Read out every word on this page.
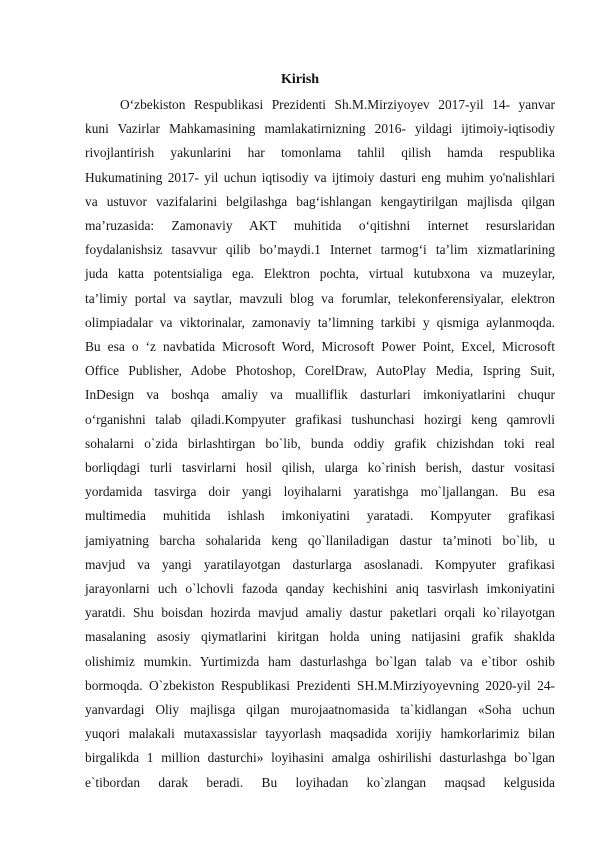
Kirish
O‘zbekiston Respublikasi Prezidenti Sh.M.Mirziyoyev 2017-yil 14- yanvar
kuni Vazirlar Mahkamasining mamlakatirnizning 2016- yildagi ijtimoiy-iqtisodiy
rivojlantirish yakunlarini har tomonlama tahlil qilish hamda respublika
Hukumatining 2017- yil uchun iqtisodiy va ijtimoiy dasturi eng muhim yo'nalishlari
va ustuvor vazifalarini belgilashga bag‘ishlangan kengaytirilgan majlisda qilgan
ma’ruzasida: Zamonaviy AKT muhitida o‘qitishni internet resurslaridan
foydalanishsiz tasavvur qilib bo’maydi.1 Internet tarmog‘i ta’lim xizmatlarining
juda katta potentsialiga ega. Elektron pochta, virtual kutubxona va muzeylar,
ta’limiy portal va saytlar, mavzuli blog va forumlar, telekonferensiyalar, elektron
olimpiadalar va viktorinalar, zamonaviy ta’limning tarkibi y qismiga aylanmoqda.
Bu esa o ‘z navbatida Microsoft Word, Microsoft Power Point, Excel, Microsoft
Office Publisher, Adobe Photoshop, CorelDraw, AutoPlay Media, Ispring Suit,
InDesign va boshqa amaliy va mualliflik dasturlari imkoniyatlarini chuqur
o‘rganishni talab qiladi.Kompyuter grafikasi tushunchasi hozirgi keng qamrovli
sohalarni o`zida birlashtirgan bo`lib, bunda oddiy grafik chizishdan toki real
borliqdagi turli tasvirlarni hosil qilish, ularga ko`rinish berish, dastur vositasi
yordamida tasvirga doir yangi loyihalarni yaratishga mo`ljallangan. Bu esa
multimedia muhitida ishlash imkoniyatini yaratadi. Kompyuter grafikasi
jamiyatning barcha sohalarida keng qo`llaniladigan dastur ta’minoti bo`lib, u
mavjud va yangi yaratilayotgan dasturlarga asoslanadi. Kompyuter grafikasi
jarayonlarni uch o`lchovli fazoda qanday kechishini aniq tasvirlash imkoniyatini
yaratdi. Shu boisdan hozirda mavjud amaliy dastur paketlari orqali ko`rilayotgan
masalaning asosiy qiymatlarini kiritgan holda uning natijasini grafik shaklda
olishimiz mumkin. Yurtimizda ham dasturlashga bo`lgan talab va e`tibor oshib
bormoqda. O`zbekiston Respublikasi Prezidenti SH.M.Mirziyoyevning 2020-yil 24-
yanvardagi Oliy majlisga qilgan murojaatnomasida ta`kidlangan «Soha uchun
yuqori malakali mutaxassislar tayyorlash maqsadida xorijiy hamkorlarimiz bilan
birgalikda 1 million dasturchi» loyihasini amalga oshirilishi dasturlashga bo`lgan
e`tibordan darak beradi. Bu loyihadan ko`zlangan maqsad kelgusida
